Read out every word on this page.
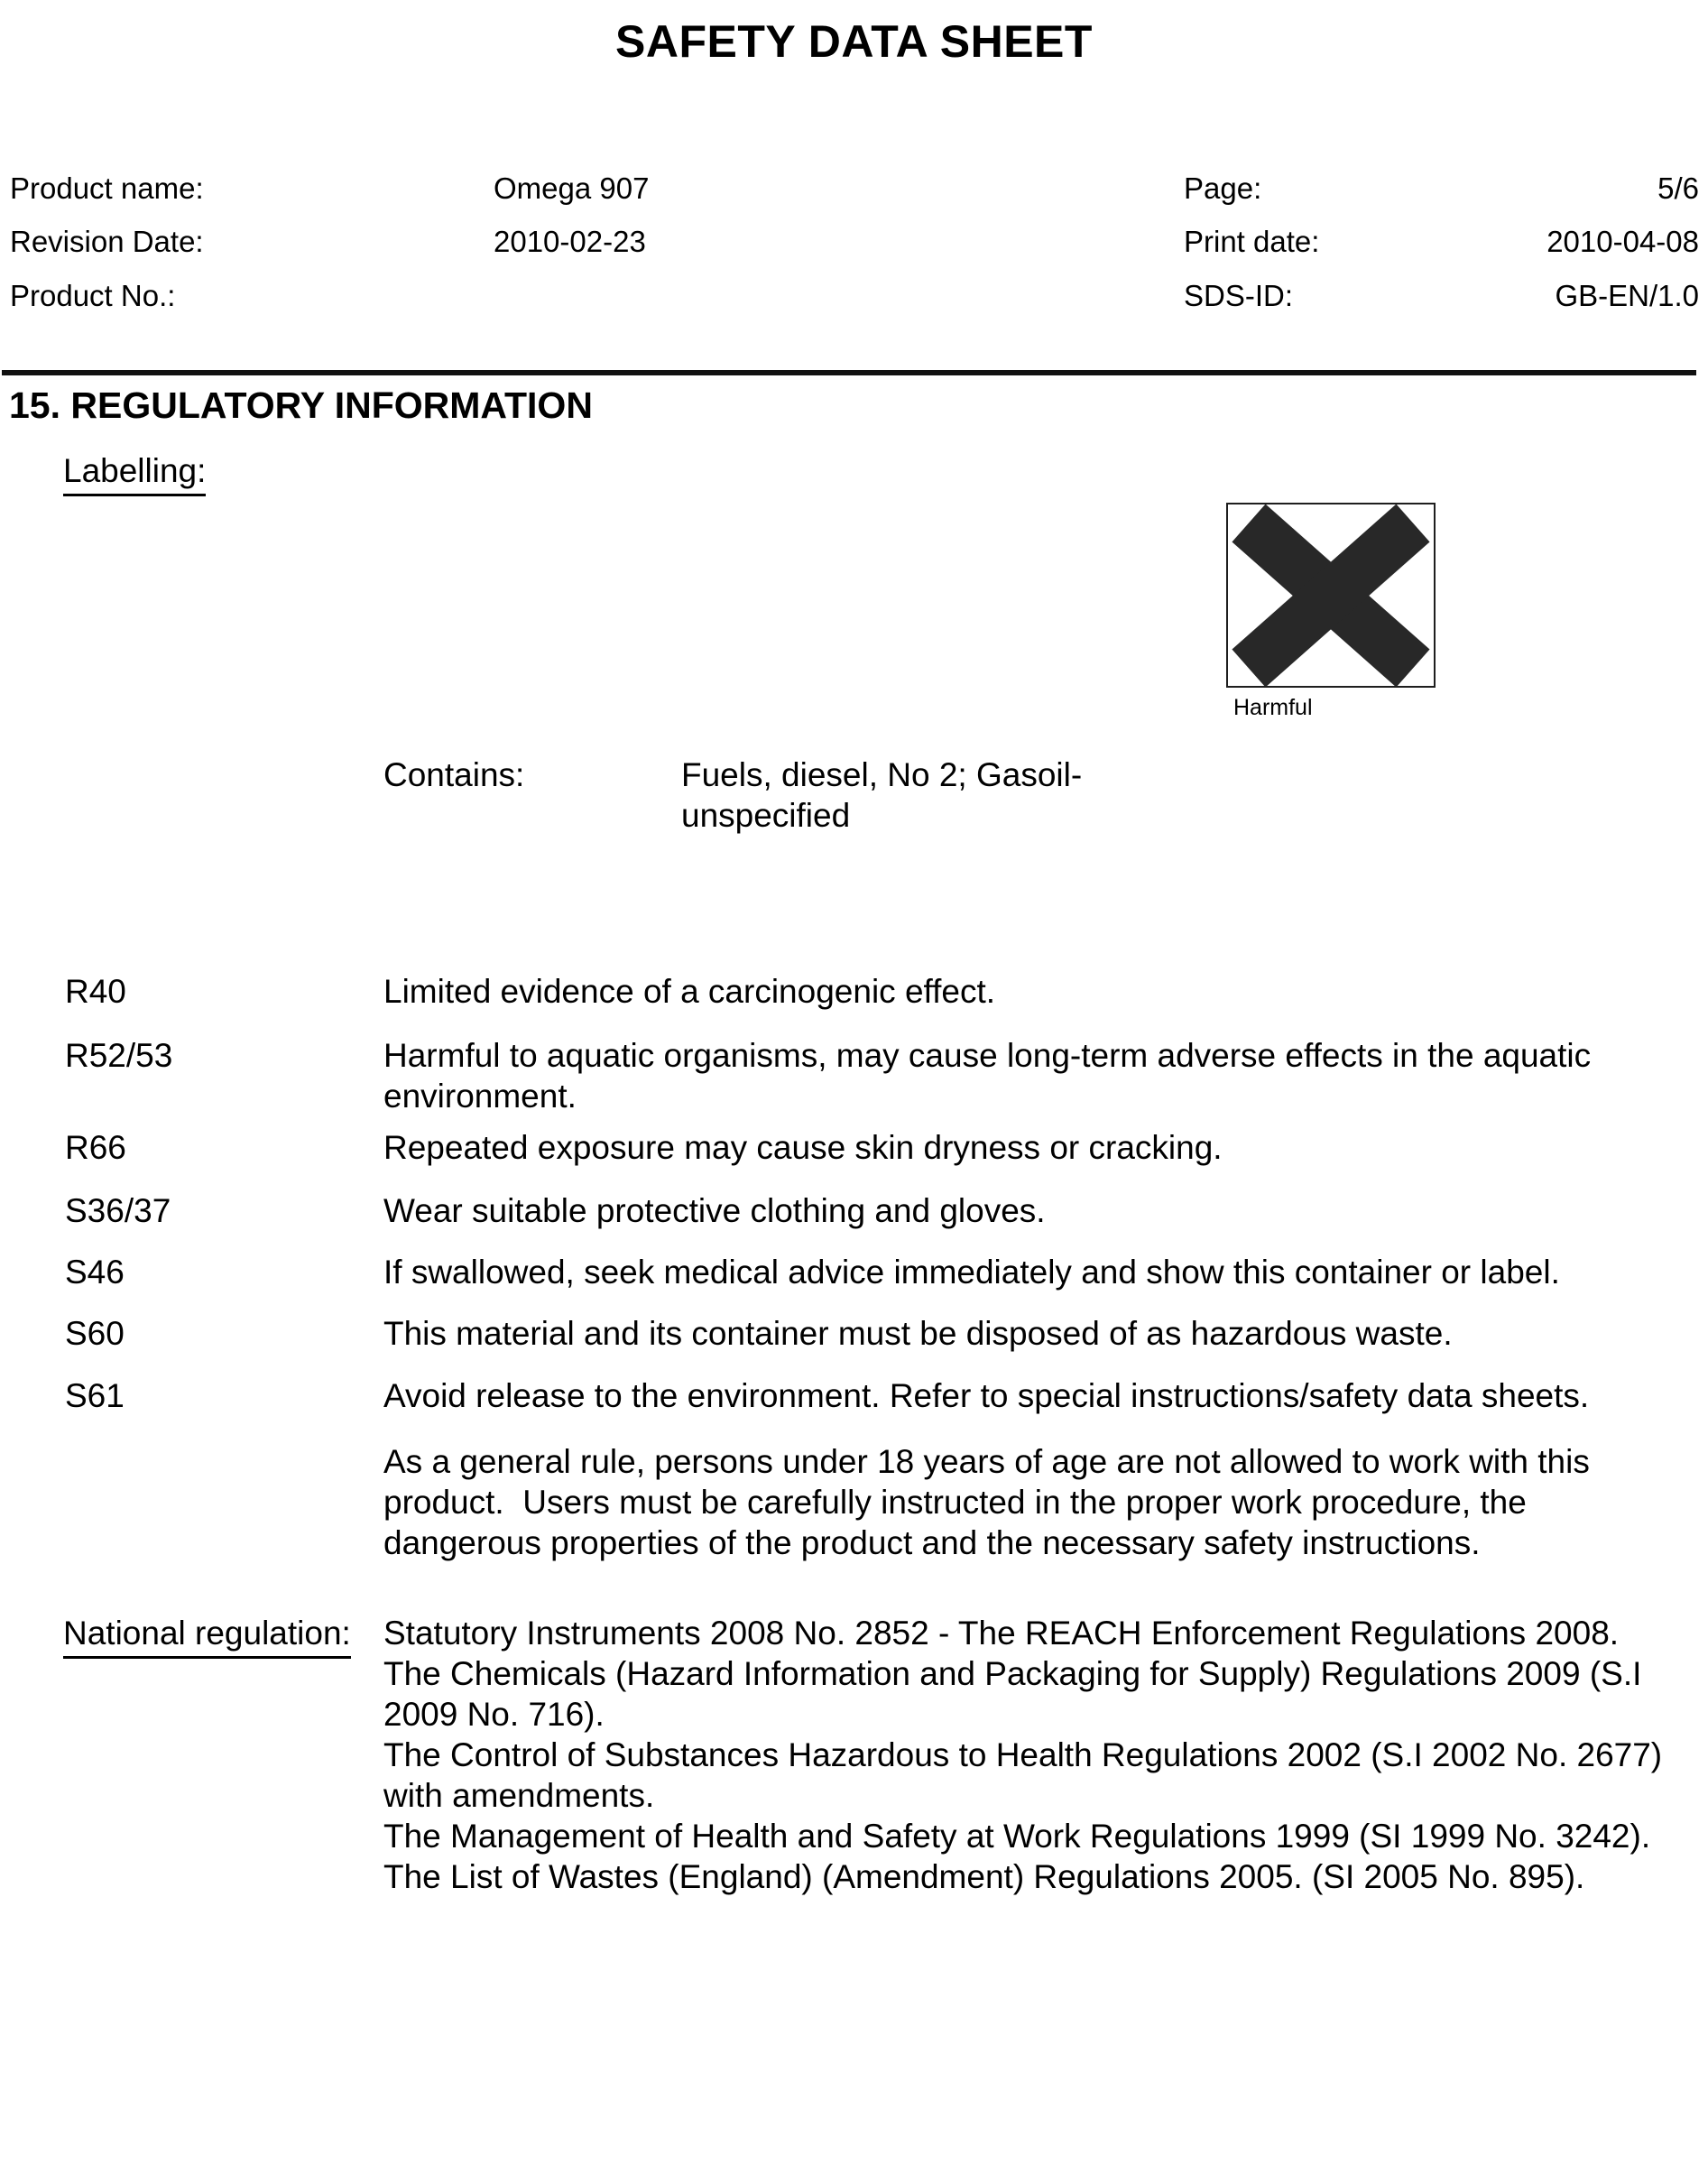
SAFETY DATA SHEET
Product name:	Omega 907	Page:	5/6
Revision Date:	2010-02-23	Print date:	2010-04-08
Product No.:	SDS-ID:	GB-EN/1.0
15. REGULATORY INFORMATION
Labelling:
Harmful
Contains:	Fuels, diesel, No 2; Gasoil-
unspecified
R40	Limited evidence of a carcinogenic effect.
R52/53	Harmful to aquatic organisms, may cause long-term adverse effects in the aquatic environment.
R66	Repeated exposure may cause skin dryness or cracking.
S36/37	Wear suitable protective clothing and gloves.
S46	If swallowed, seek medical advice immediately and show this container or label.
S60	This material and its container must be disposed of as hazardous waste.
S61	Avoid release to the environment. Refer to special instructions/safety data sheets.
As a general rule, persons under 18 years of age are not allowed to work with this product.  Users must be carefully instructed in the proper work procedure, the dangerous properties of the product and the necessary safety instructions.
National regulation: Statutory Instruments 2008 No. 2852 - The REACH Enforcement Regulations 2008.
The Chemicals (Hazard Information and Packaging for Supply) Regulations 2009 (S.I 2009 No. 716).
The Control of Substances Hazardous to Health Regulations 2002 (S.I 2002 No. 2677) with amendments.
The Management of Health and Safety at Work Regulations 1999 (SI 1999 No. 3242).
The List of Wastes (England) (Amendment) Regulations 2005. (SI 2005 No. 895).
